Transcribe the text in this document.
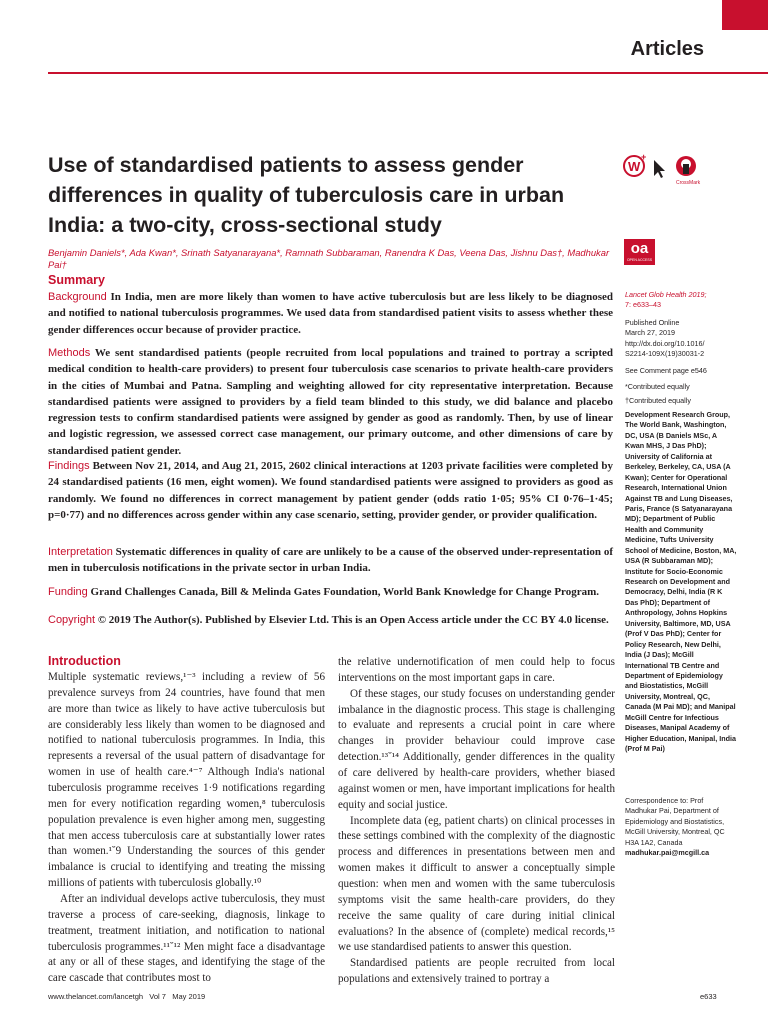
Articles
Use of standardised patients to assess gender differences in quality of tuberculosis care in urban India: a two-city, cross-sectional study
W
+
CrossMark
Benjamin Daniels*, Ada Kwan*, Srinath Satyanarayana*, Ramnath Subbaraman, Ranendra K Das, Veena Das, Jishnu Das†, Madhukar Pai†
oa
OPEN ACCESS
Summary
Background In India, men are more likely than women to have active tuberculosis but are less likely to be diagnosed and notified to national tuberculosis programmes. We used data from standardised patient visits to assess whether these gender differences occur because of provider practice.
Methods We sent standardised patients (people recruited from local populations and trained to portray a scripted medical condition to health-care providers) to present four tuberculosis case scenarios to private health-care providers in the cities of Mumbai and Patna. Sampling and weighting allowed for city representative interpretation. Because standardised patients were assigned to providers by a field team blinded to this study, we did balance and placebo regression tests to confirm standardised patients were assigned by gender as good as randomly. Then, by use of linear and logistic regression, we assessed correct case management, our primary outcome, and other dimensions of care by standardised patient gender.
Findings Between Nov 21, 2014, and Aug 21, 2015, 2602 clinical interactions at 1203 private facilities were completed by 24 standardised patients (16 men, eight women). We found standardised patients were assigned to providers as good as randomly. We found no differences in correct management by patient gender (odds ratio 1·05; 95% CI 0·76–1·45; p=0·77) and no differences across gender within any case scenario, setting, provider gender, or provider qualification.
Interpretation Systematic differences in quality of care are unlikely to be a cause of the observed under-representation of men in tuberculosis notifications in the private sector in urban India.
Funding Grand Challenges Canada, Bill & Melinda Gates Foundation, World Bank Knowledge for Change Program.
Copyright © 2019 The Author(s). Published by Elsevier Ltd. This is an Open Access article under the CC BY 4.0 license.
Introduction

Multiple systematic reviews,¹⁻³ including a review of 56 prevalence surveys from 24 countries, have found that men are more than twice as likely to have active tuberculosis but are considerably less likely than women to be diagnosed and notified to national tuberculosis programmes. In India, this represents a reversal of the usual pattern of disadvantage for women in use of health care.⁴⁻⁷ Although India's national tuberculosis programme receives 1·9 notifications regarding men for every notification regarding women,⁸ tuberculosis population prevalence is even higher among men, suggesting that men access tuberculosis care at substantially lower rates than women.¹˘9 Understanding the sources of this gender imbalance is crucial to identifying and treating the missing millions of patients with tuberculosis globally.¹⁰

After an individual develops active tuberculosis, they must traverse a process of care-seeking, diagnosis, linkage to treatment, treatment initiation, and notification to national tuberculosis programmes.¹¹˘¹² Men might face a disadvantage at any or all of these stages, and identifying the stage of the care cascade that contributes most to

the relative undernotification of men could help to focus interventions on the most important gaps in care.

Of these stages, our study focuses on understanding gender imbalance in the diagnostic process. This stage is challenging to evaluate and represents a crucial point in care where changes in provider behaviour could improve case detection.¹³˘¹⁴ Additionally, gender differences in the quality of care delivered by health-care providers, whether biased against women or men, have important implications for health equity and social justice.

Incomplete data (eg, patient charts) on clinical processes in these settings combined with the complexity of the diagnostic process and differences in presentations between men and women makes it difficult to answer a conceptually simple question: when men and women with the same tuberculosis symptoms visit the same health-care providers, do they receive the same quality of care during initial clinical evaluations? In the absence of (complete) medical records,¹⁵ we use standardised patients to answer this question.

Standardised patients are people recruited from local populations and extensively trained to portray a

Lancet Glob Health 2019;
7: e633–43
Published Online
March 27, 2019
http://dx.doi.org/10.1016/
S2214-109X(19)30031-2
See Comment page e546
*Contributed equally
†Contributed equally
Development Research Group, The World Bank, Washington, DC, USA (B Daniels MSc, A Kwan MHS, J Das PhD); University of California at Berkeley, Berkeley, CA, USA (A Kwan); Center for Operational Research, International Union Against TB and Lung Diseases, Paris, France (S Satyanarayana MD); Department of Public Health and Community Medicine, Tufts University School of Medicine, Boston, MA, USA (R Subbaraman MD); Institute for Socio-Economic Research on Development and Democracy, Delhi, India (R K Das PhD); Department of Anthropology, Johns Hopkins University, Baltimore, MD, USA (Prof V Das PhD); Center for Policy Research, New Delhi, India (J Das); McGill International TB Centre and Department of Epidemiology and Biostatistics, McGill University, Montreal, QC, Canada (M Pai MD); and Manipal McGill Centre for Infectious Diseases, Manipal Academy of Higher Education, Manipal, India (Prof M Pai)
Correspondence to: Prof Madhukar Pai, Department of Epidemiology and Biostatistics, McGill University, Montreal, QC H3A 1A2, Canada
madhukar.pai@mcgill.ca
www.thelancet.com/lancetgh   Vol 7   May 2019	e633
